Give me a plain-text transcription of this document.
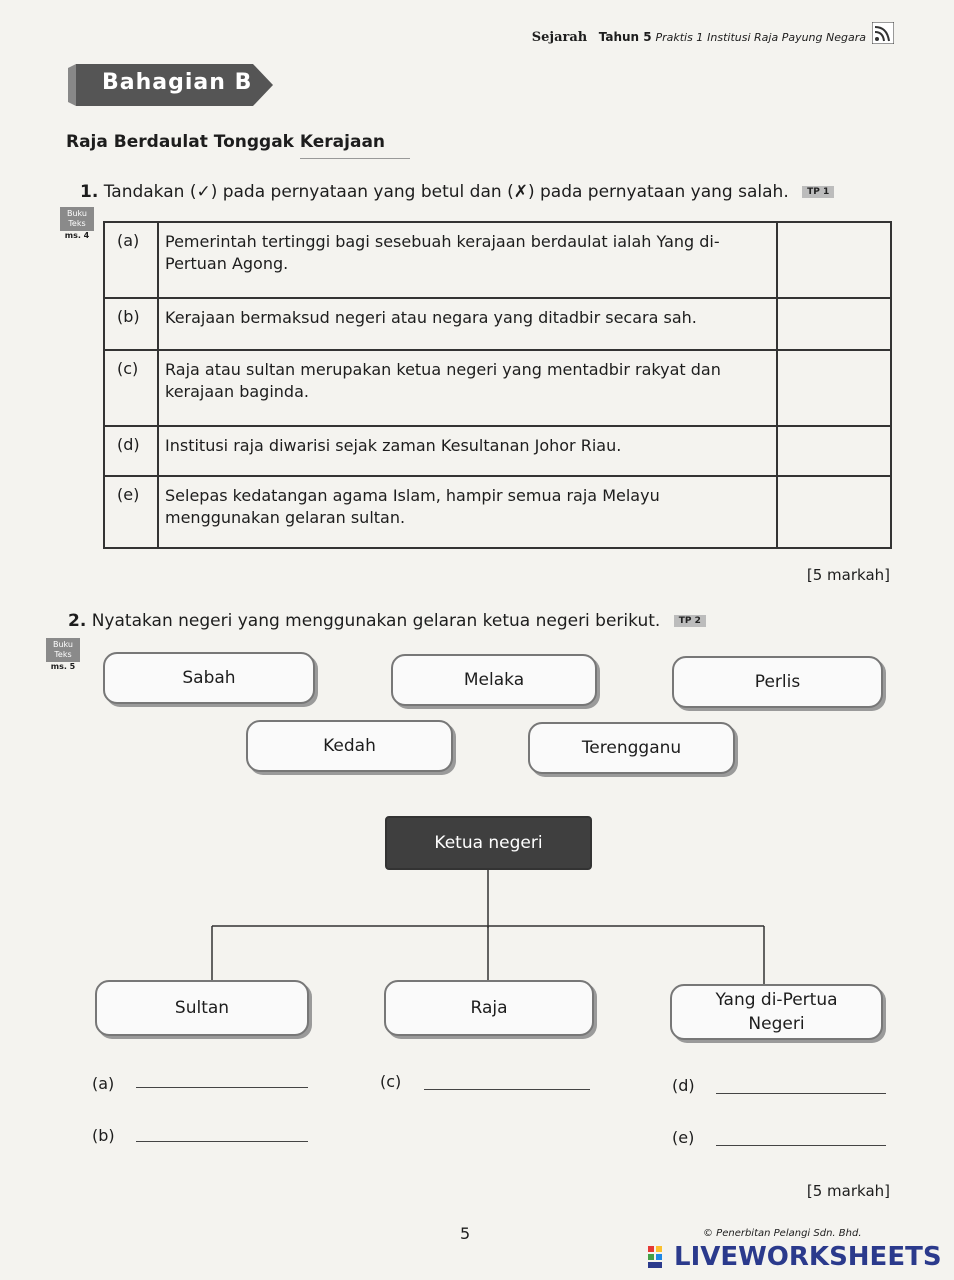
Sejarah Tahun 5 Praktis 1 Institusi Raja Payung Negara
Bahagian B
Raja Berdaulat Tonggak Kerajaan
1. Tandakan (✓) pada pernyataan yang betul dan (✗) pada pernyataan yang salah. TP 1
Buku Teks
ms. 4 (a)	Pemerintah tertinggi bagi sesebuah kerajaan berdaulat ialah Yang di-Pertuan Agong.	
(b)	Kerajaan bermaksud negeri atau negara yang ditadbir secara sah.	
(c)	Raja atau sultan merupakan ketua negeri yang mentadbir rakyat dan kerajaan baginda.	
(d)	Institusi raja diwarisi sejak zaman Kesultanan Johor Riau.	
(e)	Selepas kedatangan agama Islam, hampir semua raja Melayu menggunakan gelaran sultan.	
[5 markah]
2. Nyatakan negeri yang menggunakan gelaran ketua negeri berikut. TP 2
Buku Teks
ms. 5
Sabah	Melaka	Perlis
Kedah	Terengganu
Ketua negeri
Sultan	Raja	Yang di-Pertua Negeri
(a)
(b)
(c)	(d)
(e)
[5 markah]
5	© Penerbitan Pelangi Sdn. Bhd.
LIVEWORKSHEETS
